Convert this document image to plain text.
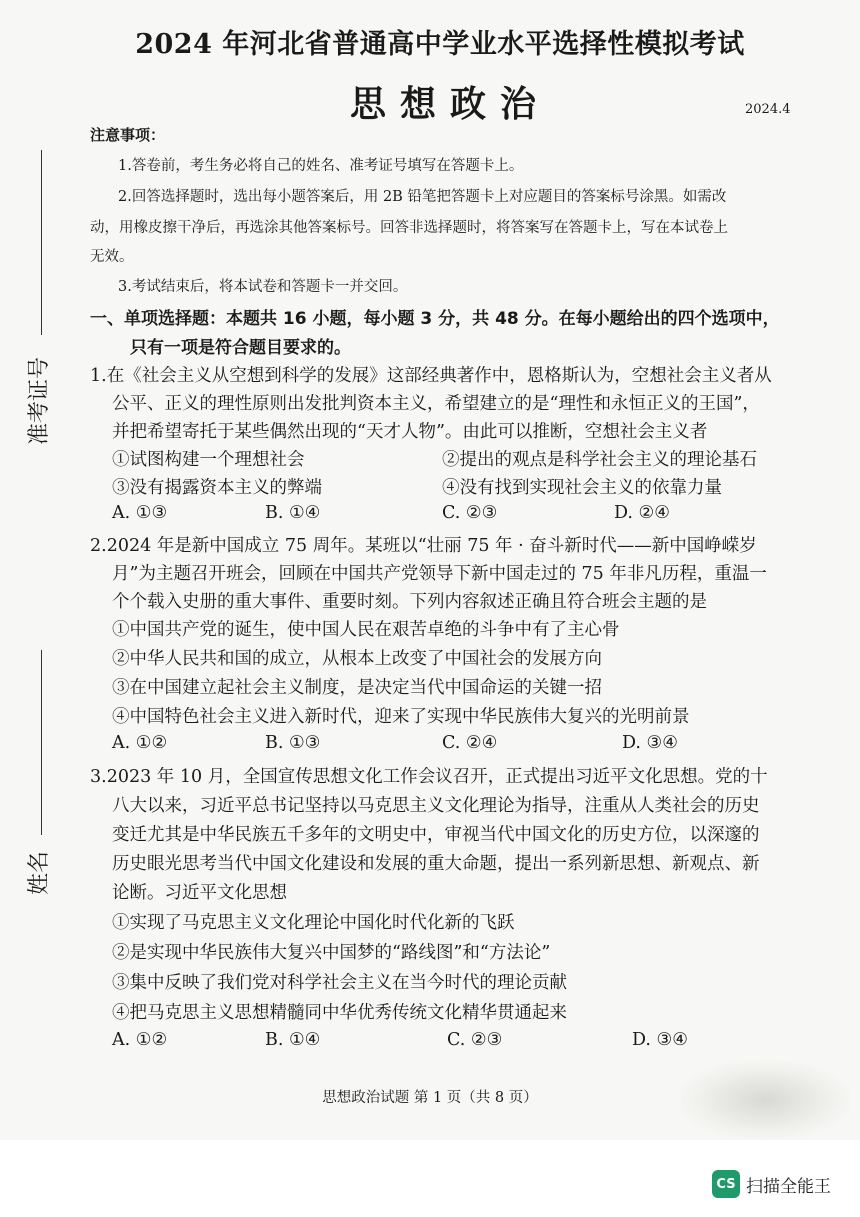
2024 年河北省普通高中学业水平选择性模拟考试
思想政治	2024.4
准考证号
姓名
注意事项：
1.答卷前，考生务必将自己的姓名、准考证号填写在答题卡上。
2.回答选择题时，选出每小题答案后，用 2B 铅笔把答题卡上对应题目的答案标号涂黑。如需改
动，用橡皮擦干净后，再选涂其他答案标号。回答非选择题时，将答案写在答题卡上，写在本试卷上
无效。
3.考试结束后，将本试卷和答题卡一并交回。
一、单项选择题：本题共 16 小题，每小题 3 分，共 48 分。在每小题给出的四个选项中，
只有一项是符合题目要求的。
1.在《社会主义从空想到科学的发展》这部经典著作中，恩格斯认为，空想社会主义者从
公平、正义的理性原则出发批判资本主义，希望建立的是“理性和永恒正义的王国”，
并把希望寄托于某些偶然出现的“天才人物”。由此可以推断，空想社会主义者
①试图构建一个理想社会	②提出的观点是科学社会主义的理论基石
③没有揭露资本主义的弊端	④没有找到实现社会主义的依靠力量
A. ①③	B. ①④	C. ②③	D. ②④
2.2024 年是新中国成立 75 周年。某班以“壮丽 75 年 · 奋斗新时代——新中国峥嵘岁
月”为主题召开班会，回顾在中国共产党领导下新中国走过的 75 年非凡历程，重温一
个个载入史册的重大事件、重要时刻。下列内容叙述正确且符合班会主题的是
①中国共产党的诞生，使中国人民在艰苦卓绝的斗争中有了主心骨
②中华人民共和国的成立，从根本上改变了中国社会的发展方向
③在中国建立起社会主义制度，是决定当代中国命运的关键一招
④中国特色社会主义进入新时代，迎来了实现中华民族伟大复兴的光明前景
A. ①②	B. ①③	C. ②④	D. ③④
3.2023 年 10 月，全国宣传思想文化工作会议召开，正式提出习近平文化思想。党的十
八大以来，习近平总书记坚持以马克思主义文化理论为指导，注重从人类社会的历史
变迁尤其是中华民族五千多年的文明史中，审视当代中国文化的历史方位，以深邃的
历史眼光思考当代中国文化建设和发展的重大命题，提出一系列新思想、新观点、新
论断。习近平文化思想
①实现了马克思主义文化理论中国化时代化新的飞跃
②是实现中华民族伟大复兴中国梦的“路线图”和“方法论”
③集中反映了我们党对科学社会主义在当今时代的理论贡献
④把马克思主义思想精髓同中华优秀传统文化精华贯通起来
A. ①②	B. ①④	C. ②③	D. ③④
思想政治试题 第 1 页（共 8 页）
CS 扫描全能王
